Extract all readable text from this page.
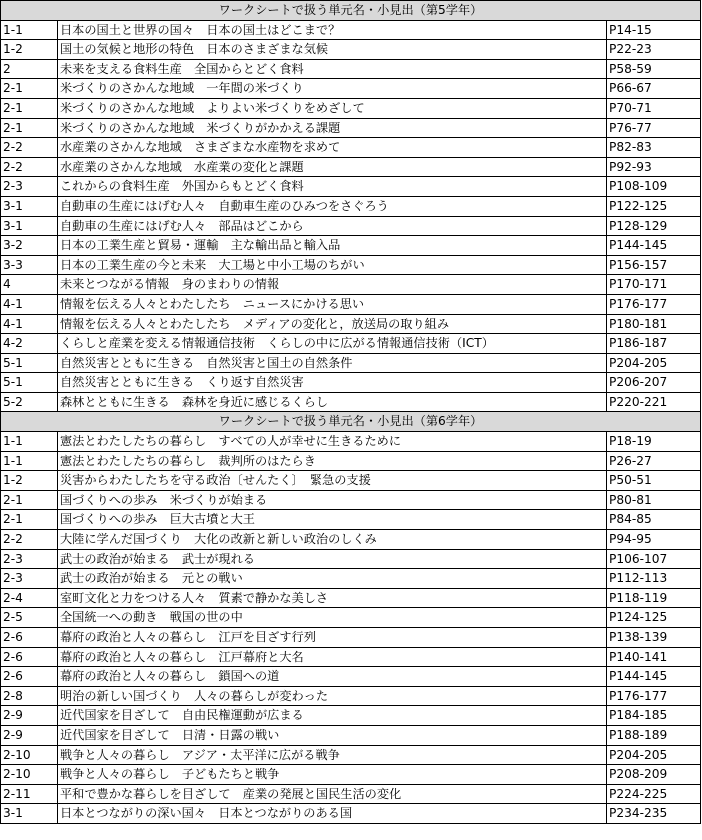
ワークシートで扱う単元名・小見出（第5学年）		
1-1	日本の国土と世界の国々　日本の国土はどこまで？	P14-15
1-2	国土の気候と地形の特色　日本のさまざまな気候	P22-23
2	未来を支える食料生産　全国からとどく食料	P58-59
2-1	米づくりのさかんな地域　一年間の米づくり	P66-67
2-1	米づくりのさかんな地域　よりよい米づくりをめざして	P70-71
2-1	米づくりのさかんな地域　米づくりがかかえる課題	P76-77
2-2	水産業のさかんな地域　さまざまな水産物を求めて	P82-83
2-2	水産業のさかんな地域　水産業の変化と課題	P92-93
2-3	これからの食料生産　外国からもとどく食料	P108-109
3-1	自動車の生産にはげむ人々　自動車生産のひみつをさぐろう	P122-125
3-1	自動車の生産にはげむ人々　部品はどこから	P128-129
3-2	日本の工業生産と貿易・運輸　主な輸出品と輸入品	P144-145
3-3	日本の工業生産の今と未来　大工場と中小工場のちがい	P156-157
4	未来とつながる情報　身のまわりの情報	P170-171
4-1	情報を伝える人々とわたしたち　ニュースにかける思い	P176-177
4-1	情報を伝える人々とわたしたち　メディアの変化と，放送局の取り組み	P180-181
4-2	くらしと産業を変える情報通信技術　くらしの中に広がる情報通信技術（ICT）	P186-187
5-1	自然災害とともに生きる　自然災害と国土の自然条件	P204-205
5-1	自然災害とともに生きる　くり返す自然災害	P206-207
5-2	森林とともに生きる　森林を身近に感じるくらし	P220-221
ワークシートで扱う単元名・小見出（第6学年）		
1-1	憲法とわたしたちの暮らし　すべての人が幸せに生きるために	P18-19
1-1	憲法とわたしたちの暮らし　裁判所のはたらき	P26-27
1-2	災害からわたしたちを守る政治〔せんたく〕　緊急の支援	P50-51
2-1	国づくりへの歩み　米づくりが始まる	P80-81
2-1	国づくりへの歩み　巨大古墳と大王	P84-85
2-2	大陸に学んだ国づくり　大化の改新と新しい政治のしくみ	P94-95
2-3	武士の政治が始まる　武士が現れる	P106-107
2-3	武士の政治が始まる　元との戦い	P112-113
2-4	室町文化と力をつける人々　質素で静かな美しさ	P118-119
2-5	全国統一への動き　戦国の世の中	P124-125
2-6	幕府の政治と人々の暮らし　江戸を目ざす行列	P138-139
2-6	幕府の政治と人々の暮らし　江戸幕府と大名	P140-141
2-6	幕府の政治と人々の暮らし　鎖国への道	P144-145
2-8	明治の新しい国づくり　人々の暮らしが変わった	P176-177
2-9	近代国家を目ざして　自由民権運動が広まる	P184-185
2-9	近代国家を目ざして　日清・日露の戦い	P188-189
2-10	戦争と人々の暮らし　アジア・太平洋に広がる戦争	P204-205
2-10	戦争と人々の暮らし　子どもたちと戦争	P208-209
2-11	平和で豊かな暮らしを目ざして　産業の発展と国民生活の変化	P224-225
3-1	日本とつながりの深い国々　日本とつながりのある国	P234-235
